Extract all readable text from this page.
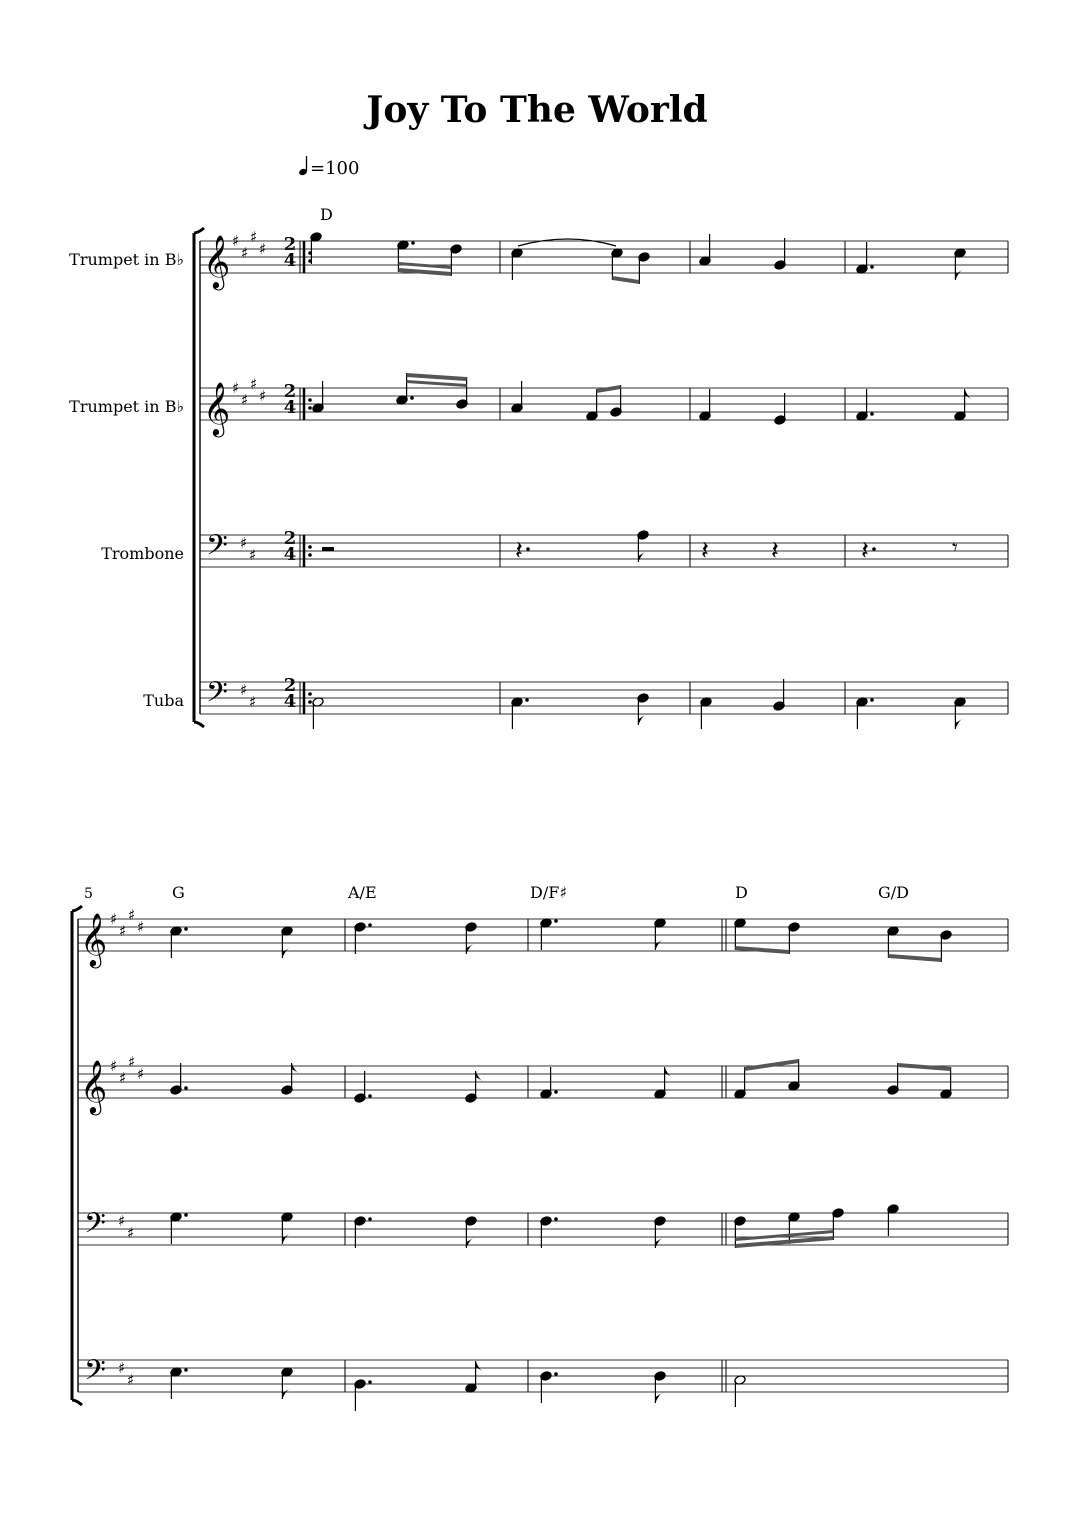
Joy To The World
=100
Trumpet in B♭
Trumpet in B♭
Trombone
Tuba
D
5	G	A/E	D/F♯	D	G/D
2
4
2
4
2
4
2
4
𝄞 ♯
♯
♯
♯
𝄞 ♯
♯
♯
♯
𝄢 ♯
♯
𝄢 ♯
♯
𝄽	𝄽 𝄽	𝄽	𝄾
𝄞 ♯
♯
♯
♯
𝄞 ♯
♯
♯
♯
𝄢 ♯
♯
𝄢 ♯
♯
